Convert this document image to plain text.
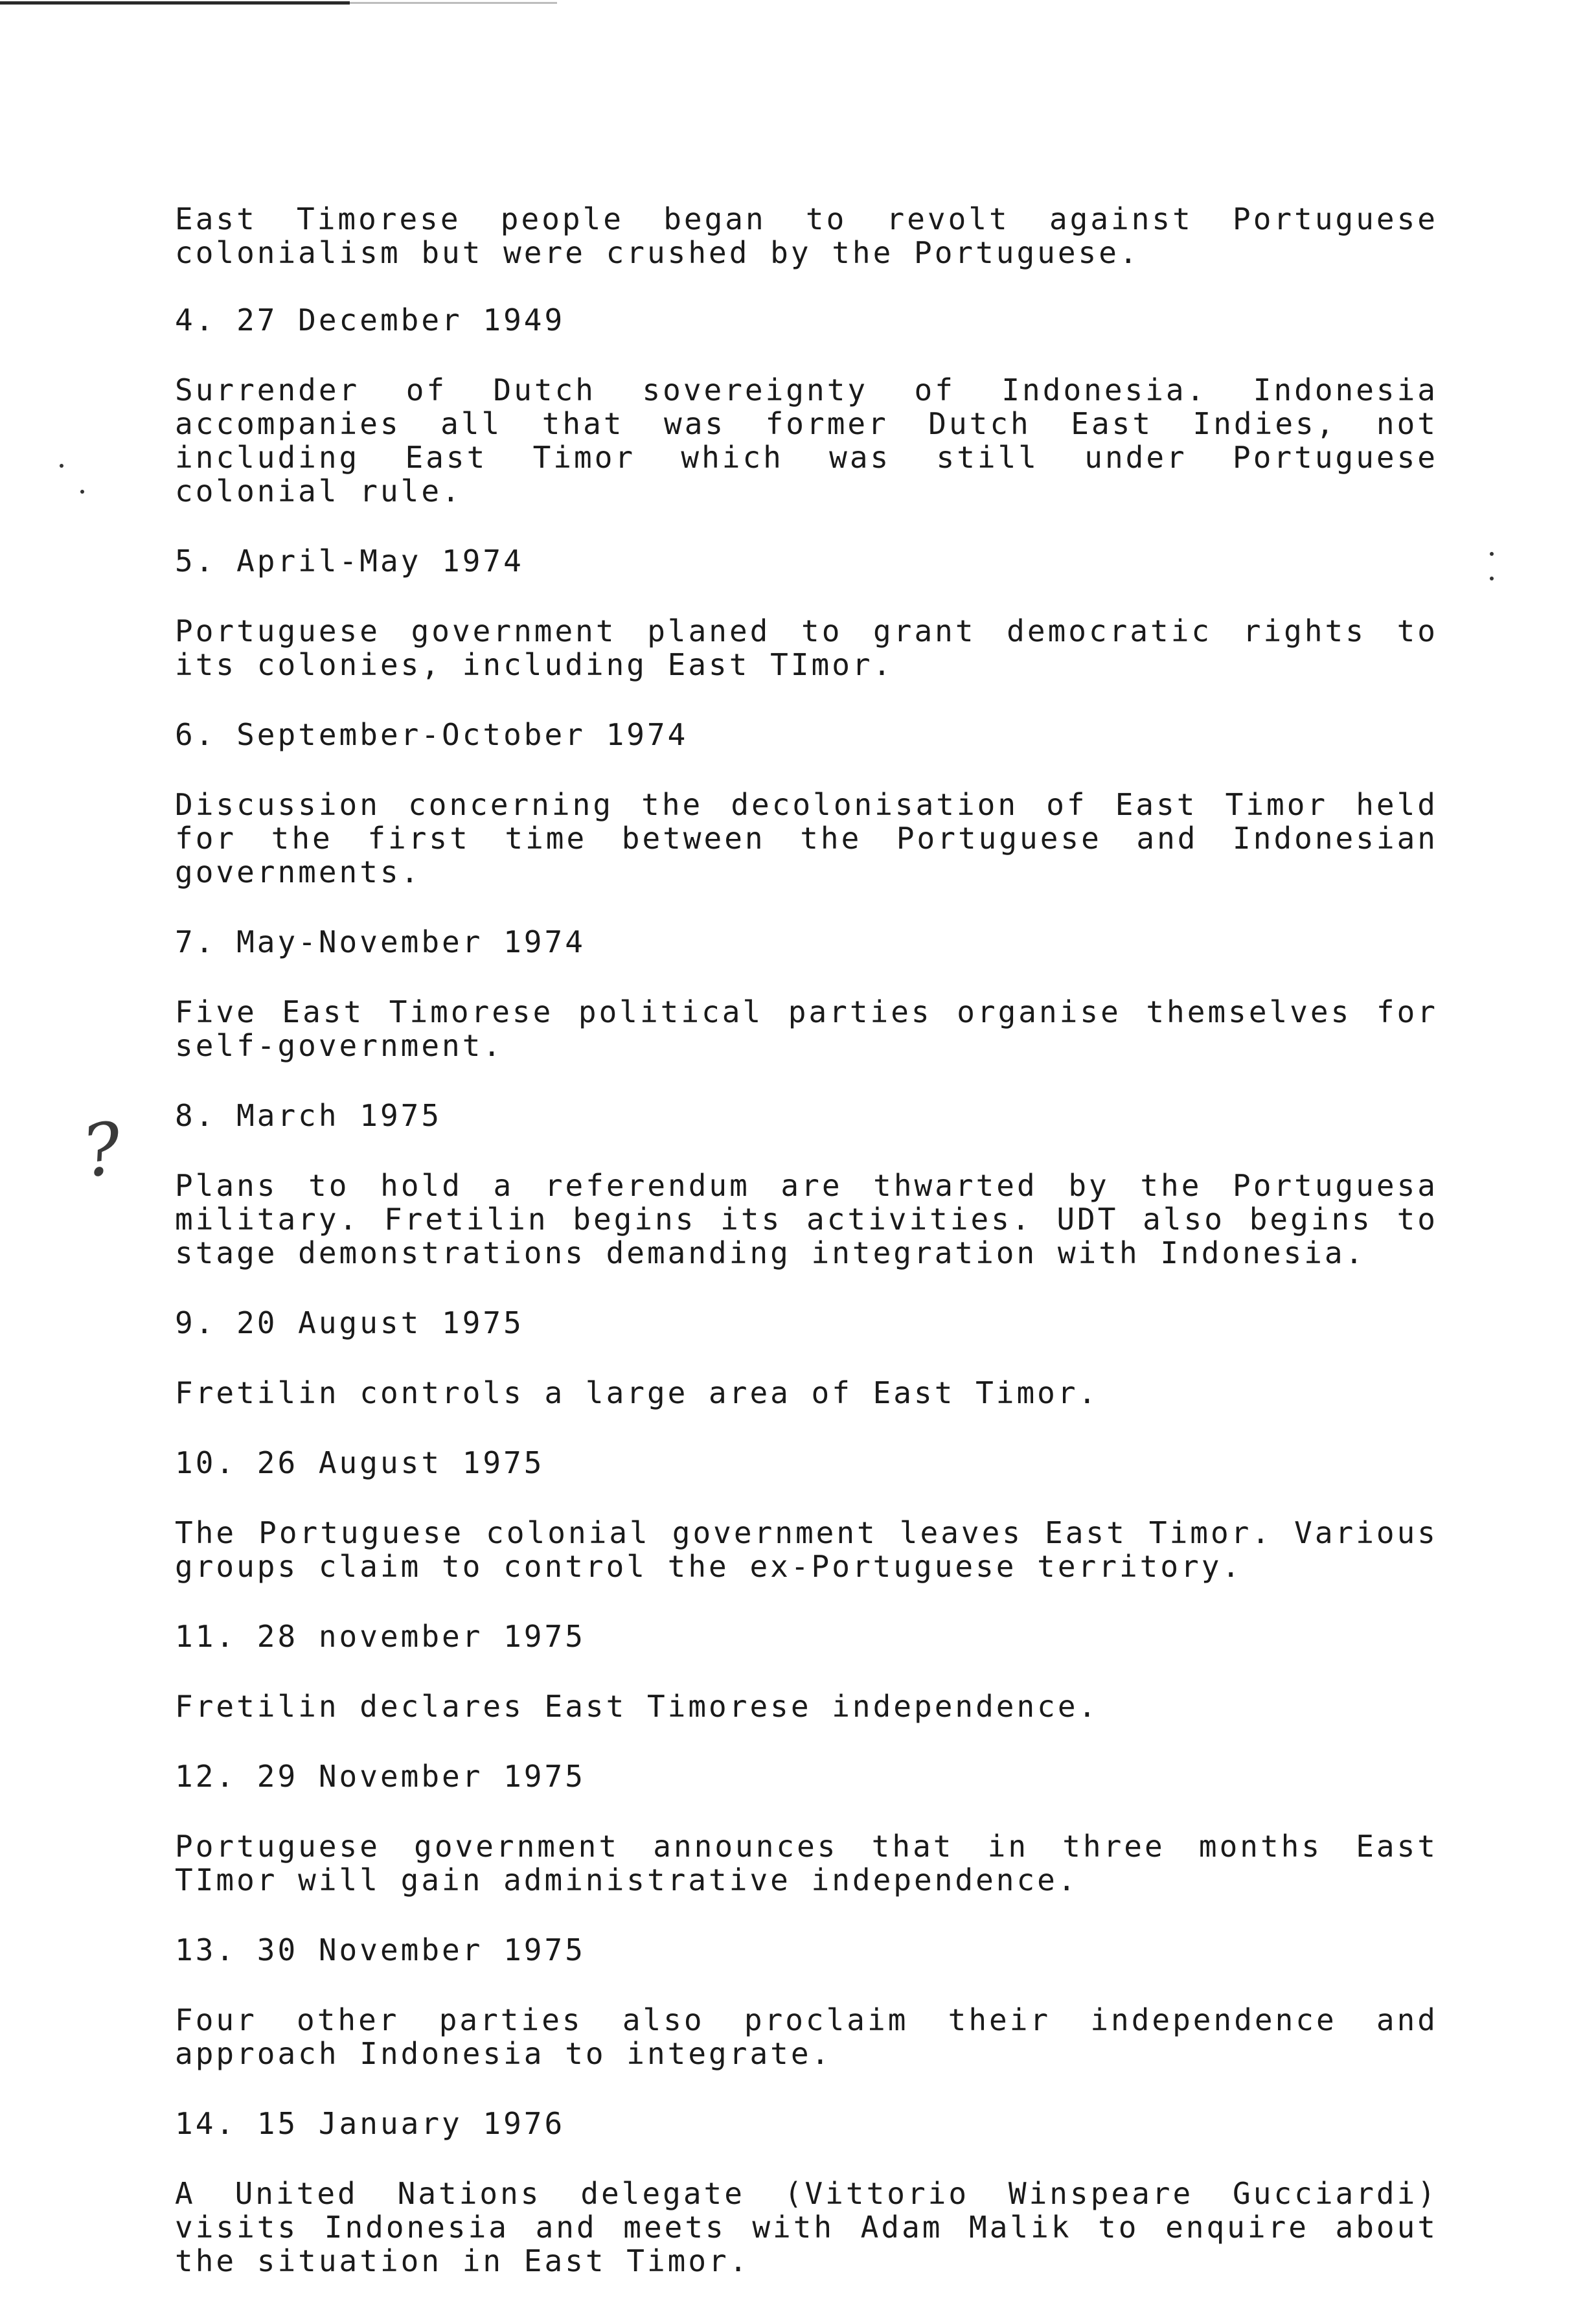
?

East Timorese people began to revolt against Portuguese colonialism but were crushed by the Portuguese.

4. 27 December 1949

Surrender of Dutch sovereignty of Indonesia. Indonesia accompanies all that was former Dutch East Indies, not including East Timor which was still under Portuguese colonial rule.

5. April-May 1974

Portuguese government planed to grant democratic rights to its colonies, including East TImor.

6. September-October 1974

Discussion concerning the decolonisation of East Timor held for the first time between the Portuguese and Indonesian governments.

7. May-November 1974

Five East Timorese political parties organise themselves for self-government.

8. March 1975

Plans to hold a referendum are thwarted by the Portuguesa military. Fretilin begins its activities. UDT also begins to stage demonstrations demanding integration with Indonesia.

9. 20 August 1975

Fretilin controls a large area of East Timor.

10. 26 August 1975

The Portuguese colonial government leaves East Timor. Various groups claim to control the ex-Portuguese territory.

11. 28 november 1975

Fretilin declares East Timorese independence.

12. 29 November 1975

Portuguese government announces that in three months East TImor will gain administrative independence.

13. 30 November 1975

Four other parties also proclaim their independence and approach Indonesia to integrate.

14. 15 January 1976

A United Nations delegate (Vittorio Winspeare Gucciardi) visits Indonesia and meets with Adam Malik to enquire about the situation in East Timor.
